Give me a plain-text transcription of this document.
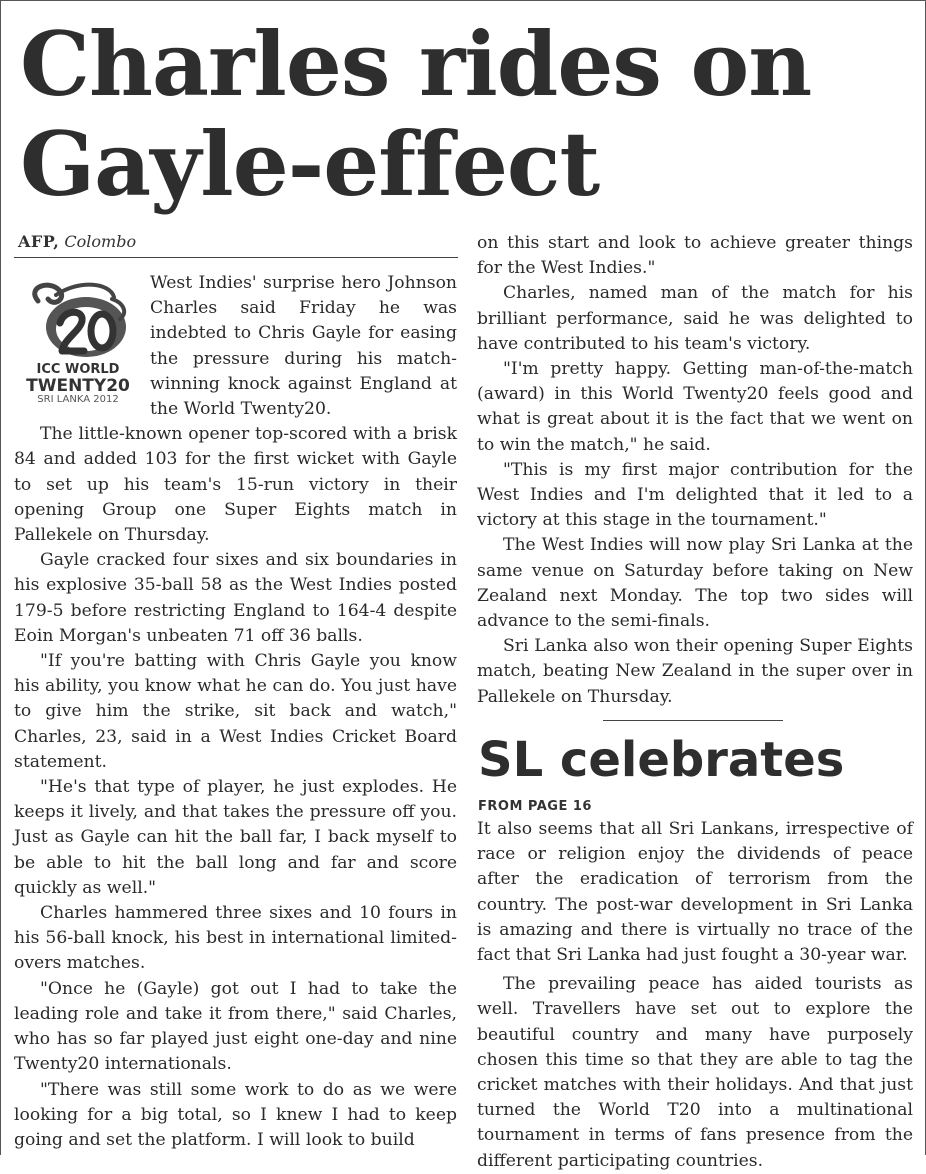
Charles rides on
Gayle-effect
AFP, Colombo
ICC WORLD
TWENTY20
SRI LANKA 2012

West Indies' surprise hero Johnson Charles said Friday he was indebted to Chris Gayle for easing the pressure during his match-winning knock against England at the World Twenty20.

The little-known opener top-scored with a brisk 84 and added 103 for the first wicket with Gayle to set up his team's 15-run victory in their opening Group one Super Eights match in Pallekele on Thursday.

Gayle cracked four sixes and six boundaries in his explosive 35-ball 58 as the West Indies posted 179-5 before restricting England to 164-4 despite Eoin Morgan's unbeaten 71 off 36 balls.

"If you're batting with Chris Gayle you know his ability, you know what he can do. You just have to give him the strike, sit back and watch," Charles, 23, said in a West Indies Cricket Board statement.

"He's that type of player, he just explodes. He keeps it lively, and that takes the pressure off you. Just as Gayle can hit the ball far, I back myself to be able to hit the ball long and far and score quickly as well."

Charles hammered three sixes and 10 fours in his 56-ball knock, his best in international limited-overs matches.

"Once he (Gayle) got out I had to take the leading role and take it from there," said Charles, who has so far played just eight one-day and nine Twenty20 internationals.

"There was still some work to do as we were looking for a big total, so I knew I had to keep going and set the platform. I will look to build

on this start and look to achieve greater things for the West Indies."

Charles, named man of the match for his brilliant performance, said he was delighted to have contributed to his team's victory.

"I'm pretty happy. Getting man-of-the-match (award) in this World Twenty20 feels good and what is great about it is the fact that we went on to win the match," he said.

"This is my first major contribution for the West Indies and I'm delighted that it led to a victory at this stage in the tournament."

The West Indies will now play Sri Lanka at the same venue on Saturday before taking on New Zealand next Monday. The top two sides will advance to the semi-finals.

Sri Lanka also won their opening Super Eights match, beating New Zealand in the super over in Pallekele on Thursday.

SL celebrates
FROM PAGE 16

It also seems that all Sri Lankans, irrespective of race or religion enjoy the dividends of peace after the eradication of terrorism from the country. The post-war development in Sri Lanka is amazing and there is virtually no trace of the fact that Sri Lanka had just fought a 30-year war.

The prevailing peace has aided tourists as well. Travellers have set out to explore the beautiful country and many have purposely chosen this time so that they are able to tag the cricket matches with their holidays. And that just turned the World T20 into a multinational tournament in terms of fans presence from the different participating countries.
